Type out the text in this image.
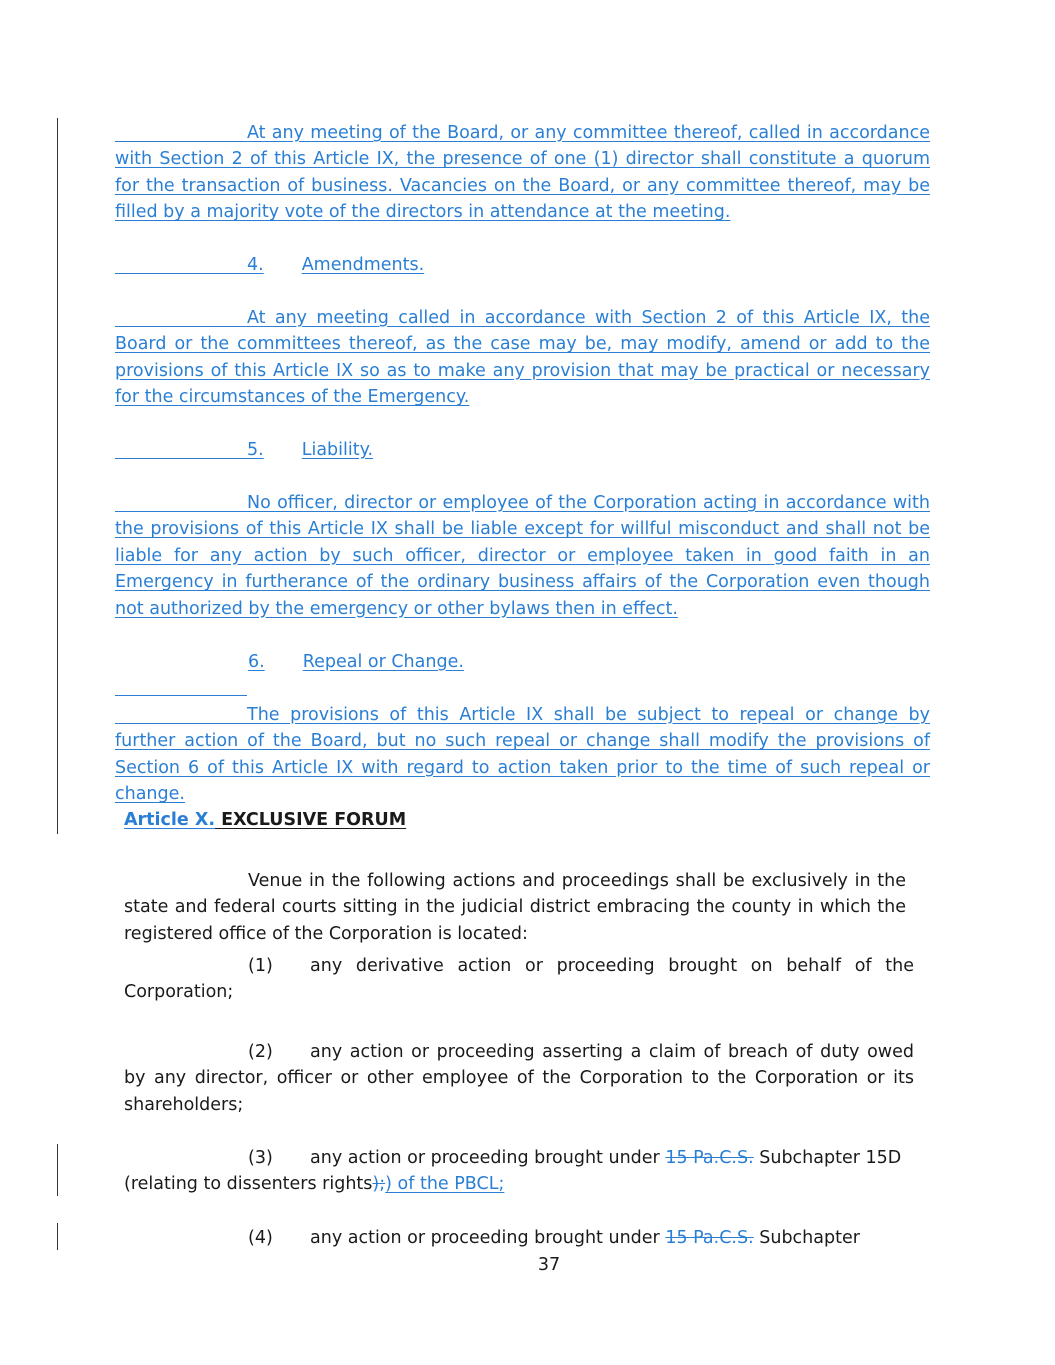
At any meeting of the Board, or any committee thereof, called in accordance with Section 2 of this Article IX, the presence of one (1) director shall constitute a quorum for the transaction of business. Vacancies on the Board, or any committee thereof, may be filled by a majority vote of the directors in attendance at the meeting.
4. Amendments.
At any meeting called in accordance with Section 2 of this Article IX, the Board or the committees thereof, as the case may be, may modify, amend or add to the provisions of this Article IX so as to make any provision that may be practical or necessary for the circumstances of the Emergency.
5. Liability.
No officer, director or employee of the Corporation acting in accordance with the provisions of this Article IX shall be liable except for willful misconduct and shall not be liable for any action by such officer, director or employee taken in good faith in an Emergency in furtherance of the ordinary business affairs of the Corporation even though not authorized by the emergency or other bylaws then in effect.
6. Repeal or Change.
The provisions of this Article IX shall be subject to repeal or change by further action of the Board, but no such repeal or change shall modify the provisions of Section 6 of this Article IX with regard to action taken prior to the time of such repeal or change.
Article X. EXCLUSIVE FORUM
Venue in the following actions and proceedings shall be exclusively in the state and federal courts sitting in the judicial district embracing the county in which the registered office of the Corporation is located:
(1) any derivative action or proceeding brought on behalf of the Corporation;
(2) any action or proceeding asserting a claim of breach of duty owed by any director, officer or other employee of the Corporation to the Corporation or its shareholders;
(3) any action or proceeding brought under 15 Pa.C.S. Subchapter 15D (relating to dissenters rights);) of the PBCL;
(4) any action or proceeding brought under 15 Pa.C.S. Subchapter
37
